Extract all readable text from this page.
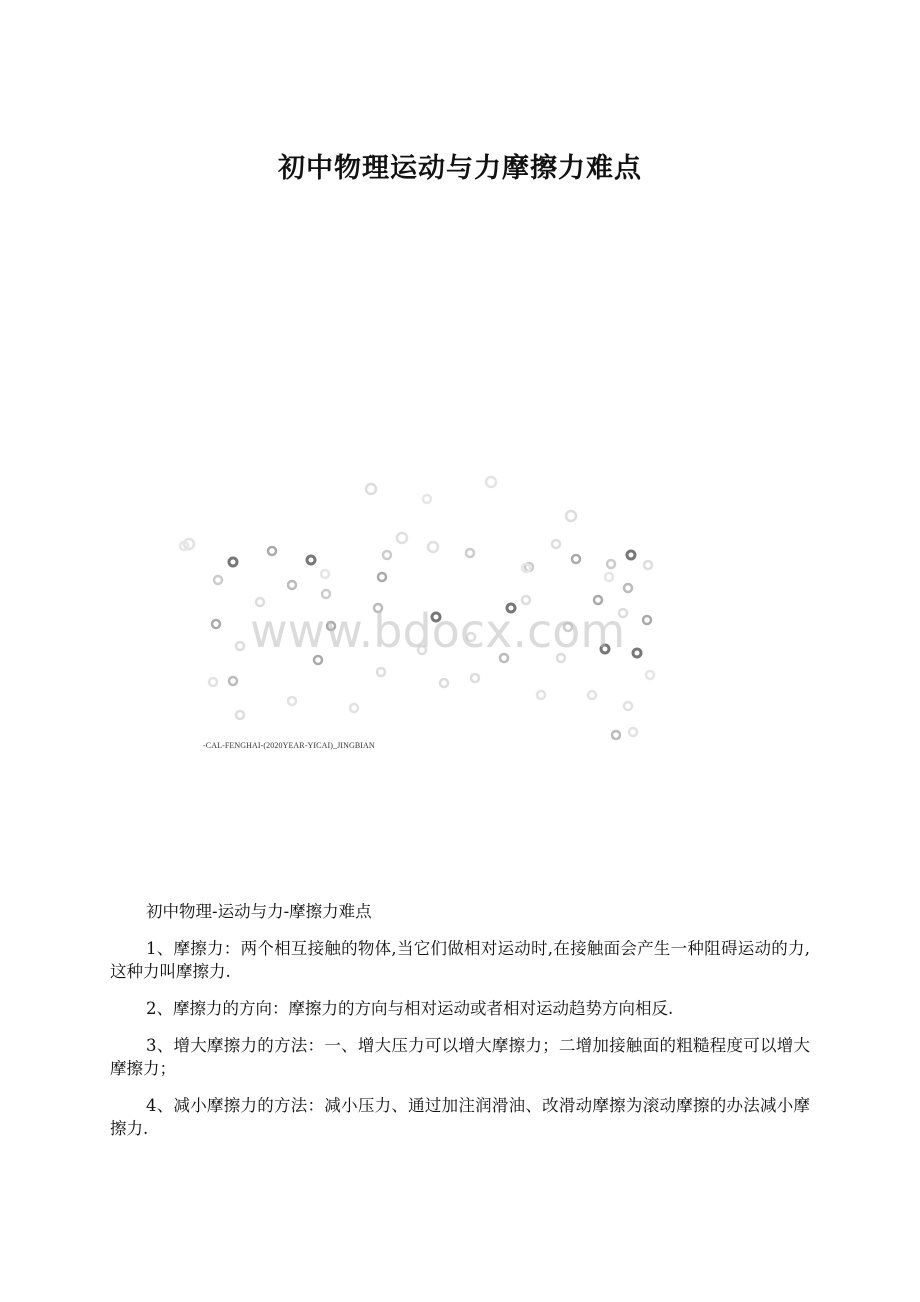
初中物理运动与力摩擦力难点
www.bdocx.com
-CAL-FENGHAI-(2020YEAR-YICAI)_JINGBIAN

初中物理-运动与力-摩擦力难点

1、摩擦力：两个相互接触的物体,当它们做相对运动时,在接触面会产生一种阻碍运动的力,这种力叫摩擦力.

2、摩擦力的方向：摩擦力的方向与相对运动或者相对运动趋势方向相反.

3、增大摩擦力的方法：一、增大压力可以增大摩擦力；二增加接触面的粗糙程度可以增大摩擦力；

4、减小摩擦力的方法：减小压力、通过加注润滑油、改滑动摩擦为滚动摩擦的办法减小摩擦力.
